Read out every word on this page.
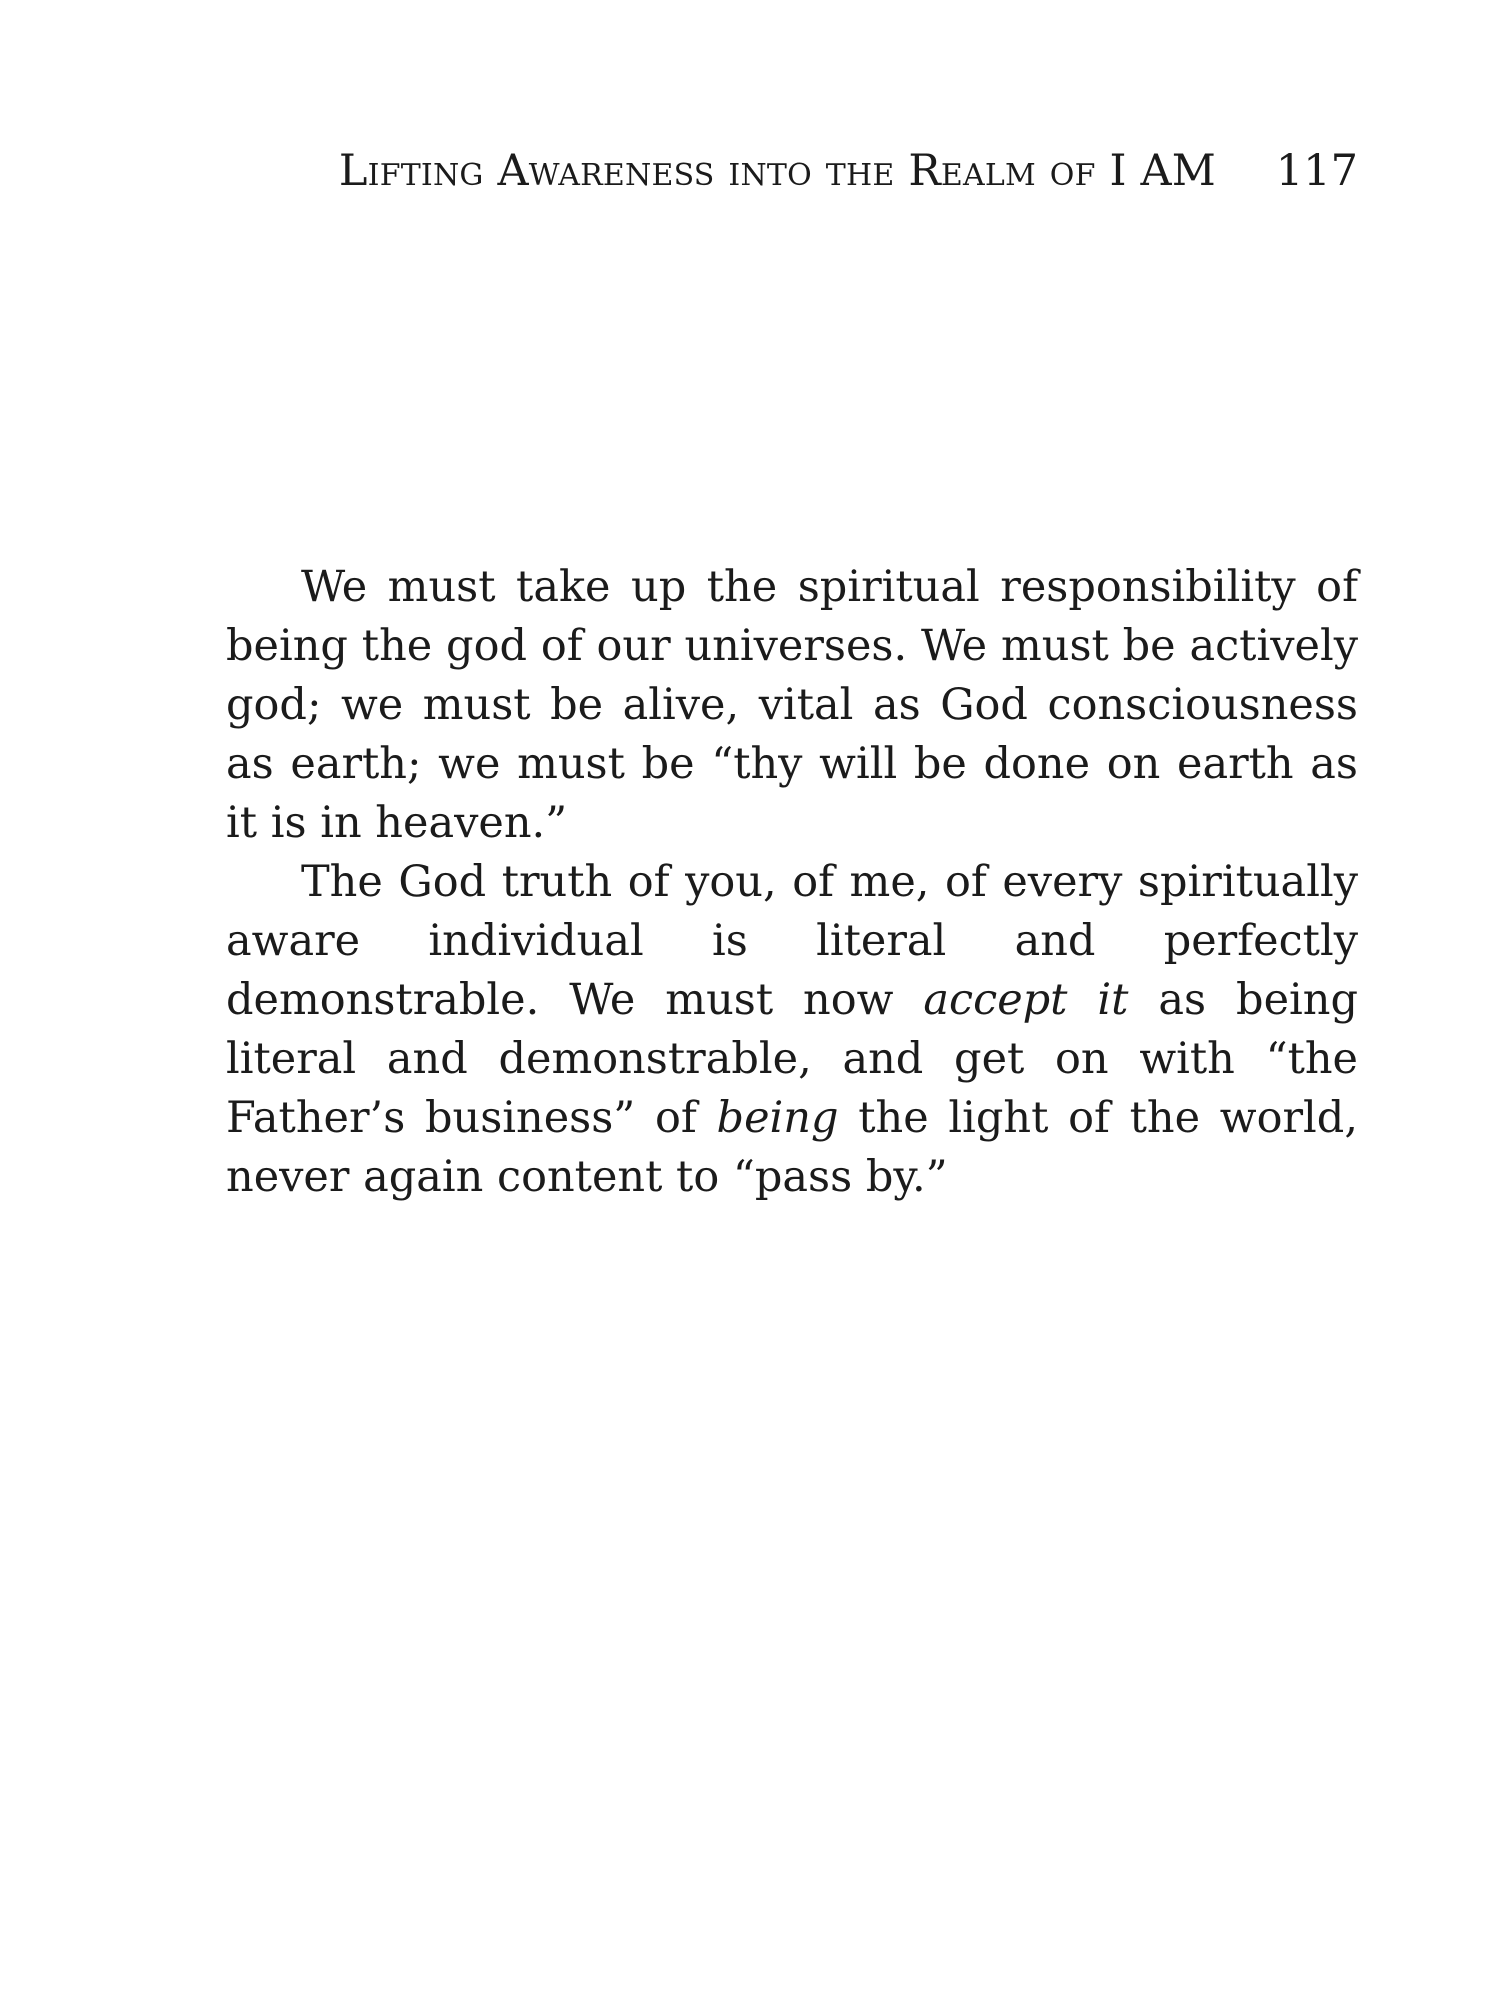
Lifting Awareness into the Realm of I AM 117

We must take up the spiritual responsibility of being the god of our universes. We must be actively god; we must be alive, vital as God consciousness as earth; we must be “thy will be done on earth as it is in heaven.”

The God truth of you, of me, of every spiritually aware individual is literal and perfectly demonstrable. We must now accept it as being literal and demonstrable, and get on with “the Father’s business” of being the light of the world, never again content to “pass by.”
